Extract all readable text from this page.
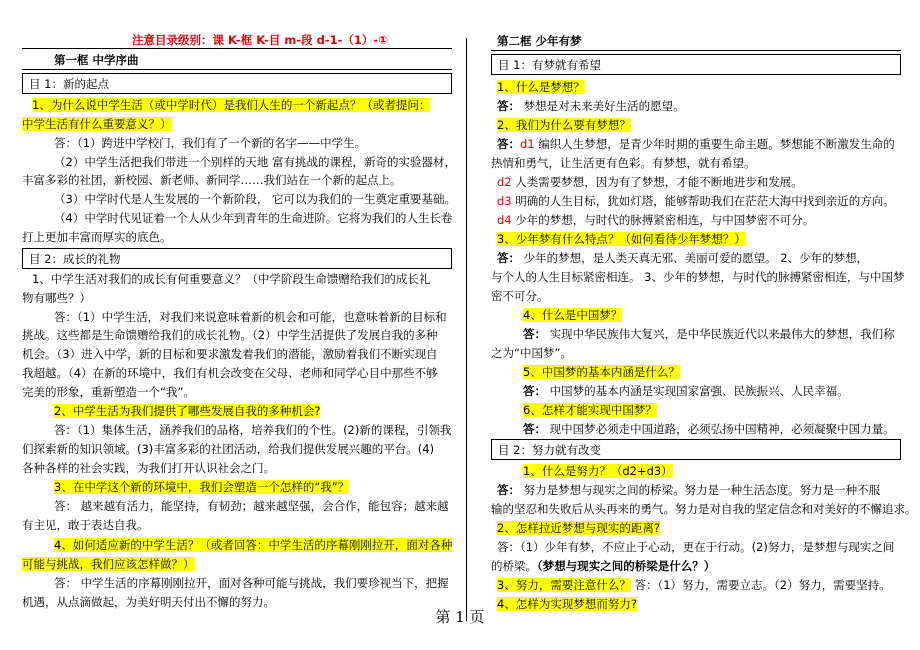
注意目录级别：课 K-框 K-目 m-段 d-1-（1）-①
第一框 中学序曲
目 1：新的起点
1、为什么说中学生活（或中学时代）是我们人生的一个新起点？（或者提问：
中学生活有什么重要意义？）
答：（1）跨进中学校门，我们有了一个新的名字——中学生。
（2）中学生活把我们带进一个别样的天地 富有挑战的课程，新奇的实验器材，
丰富多彩的社团，新校园、新老师、新同学……我们站在一个新的起点上。
（3）中学时代是人生发展的一个新阶段， 它可以为我们的一生奠定重要基础。
（4）中学时代见证着一个人从少年到青年的生命进阶。它将为我们的人生长卷
打上更加丰富而厚实的底色。
目 2：成长的礼物
1、中学生活对我们的成长有何重要意义？（中学阶段生命馈赠给我们的成长礼
物有哪些？）
答：（1）中学生活，对我们来说意味着新的机会和可能，也意味着新的目标和
挑战。这些都是生命馈赠给我们的成长礼物。（2）中学生活提供了发展自我的多种
机会。（3）进入中学，新的目标和要求激发着我们的潜能，激励着我们不断实现自
我超越。（4）在新的环境中，我们有机会改变在父母、老师和同学心目中那些不够
完美的形象，重新塑造一个“我”。
2、中学生活为我们提供了哪些发展自我的多种机会?
答：（1）集体生活，涵养我们的品格，培养我们的个性。(2)新的课程，引领我
们探索新的知识领域。(3)丰富多彩的社团活动，给我们提供发展兴趣的平台。(4)
各种各样的社会实践，为我们打开认识社会之门。
3、在中学这个新的环境中，我们会塑造一个怎样的“我”？
答： 越来越有活力，能坚持，有韧劲；越来越坚强，会合作，能包容；越来越
有主见，敢于表达自我。
4、如何适应新的中学生活？（或者回答：中学生活的序幕刚刚拉开，面对各种
可能与挑战，我们应该怎样做？）
答： 中学生活的序幕刚刚拉开，面对各种可能与挑战，我们要珍视当下，把握
机遇，从点滴做起，为美好明天付出不懈的努力。
第二框 少年有梦
目 1：有梦就有希望
1、什么是梦想？
答： 梦想是对未来美好生活的愿望。
2、我们为什么要有梦想？
答：d1 编织人生梦想，是青少年时期的重要生命主题。梦想能不断激发生命的
热情和勇气，让生活更有色彩。有梦想，就有希望。
d2 人类需要梦想，因为有了梦想，才能不断地进步和发展。
d3 明确的人生目标，犹如灯塔，能够帮助我们在茫茫大海中找到亲近的方向。
d4 少年的梦想，与时代的脉搏紧密相连，与中国梦密不可分。
3、少年梦有什么特点？（如何看待少年梦想？）
答： 少年的梦想，是人类天真无邪、美丽可爱的愿望。 2、少年的梦想，
与个人的人生目标紧密相连。 3、少年的梦想，与时代的脉搏紧密相连，与中国梦
密不可分。
4、什么是中国梦？
答： 实现中华民族伟大复兴，是中华民族近代以来最伟大的梦想，我们称
之为“中国梦”。
5、中国梦的基本内涵是什么？
答： 中国梦的基本内涵是实现国家富强、民族振兴、人民幸福。
6、怎样才能实现中国梦？
答： 现中国梦必须走中国道路，必须弘扬中国精神，必须凝聚中国力量。
目 2：努力就有改变
1、什么是努力？（d2+d3）
答： 努力是梦想与现实之间的桥梁。努力是一种生活态度。努力是一种不服
输的坚忍和失败后从头再来的勇气。努力是对自我的坚定信念和对美好的不懈追求。
2、怎样拉近梦想与现实的距离?
答：（1）少年有梦，不应止于心动，更在于行动。(2)努力，是梦想与现实之间
的桥梁。（梦想与现实之间的桥梁是什么？）
3、努力，需要注意什么？ 答：（1）努力，需要立志。（2）努力，需要坚持。
4、怎样为实现梦想而努力?
第 1 页
